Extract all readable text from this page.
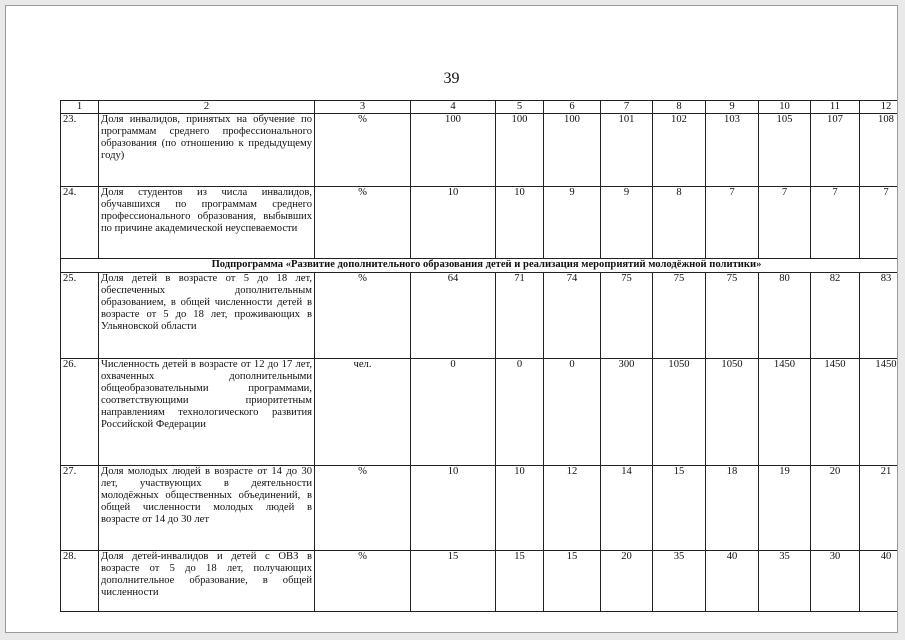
39
1	2	3	4	5	6	7	8	9	10	11	12
23.	Доля инвалидов, принятых на обучение по программам среднего профессионального образования (по отношению к предыдущему году)	%	100	100	100	101	102	103	105	107	108
24.	Доля студентов из числа инвалидов, обучавшихся по программам среднего профессионального образования, выбывших по причине академической неуспеваемости	%	10	10	9	9	8	7	7	7	7
Подпрограмма «Развитие дополнительного образования детей и реализация мероприятий молодёжной политики»											
25.	Доля детей в возрасте от 5 до 18 лет, обеспеченных дополнительным образованием, в общей численности детей в возрасте от 5 до 18 лет, проживающих в Ульяновской области	%	64	71	74	75	75	75	80	82	83
26.	Численность детей в возрасте от 12 до 17 лет, охваченных дополнительными общеобразовательными программами, соответствующими приоритетным направлениям технологического развития Российской Федерации	чел.	0	0	0	300	1050	1050	1450	1450	1450
27.	Доля молодых людей в возрасте от 14 до 30 лет, участвующих в деятельности молодёжных общественных объединений, в общей численности молодых людей в возрасте от 14 до 30 лет	%	10	10	12	14	15	18	19	20	21
28.	Доля детей-инвалидов и детей с ОВЗ в возрасте от 5 до 18 лет, получающих дополнительное образование, в общей численности	%	15	15	15	20	35	40	35	30	40
